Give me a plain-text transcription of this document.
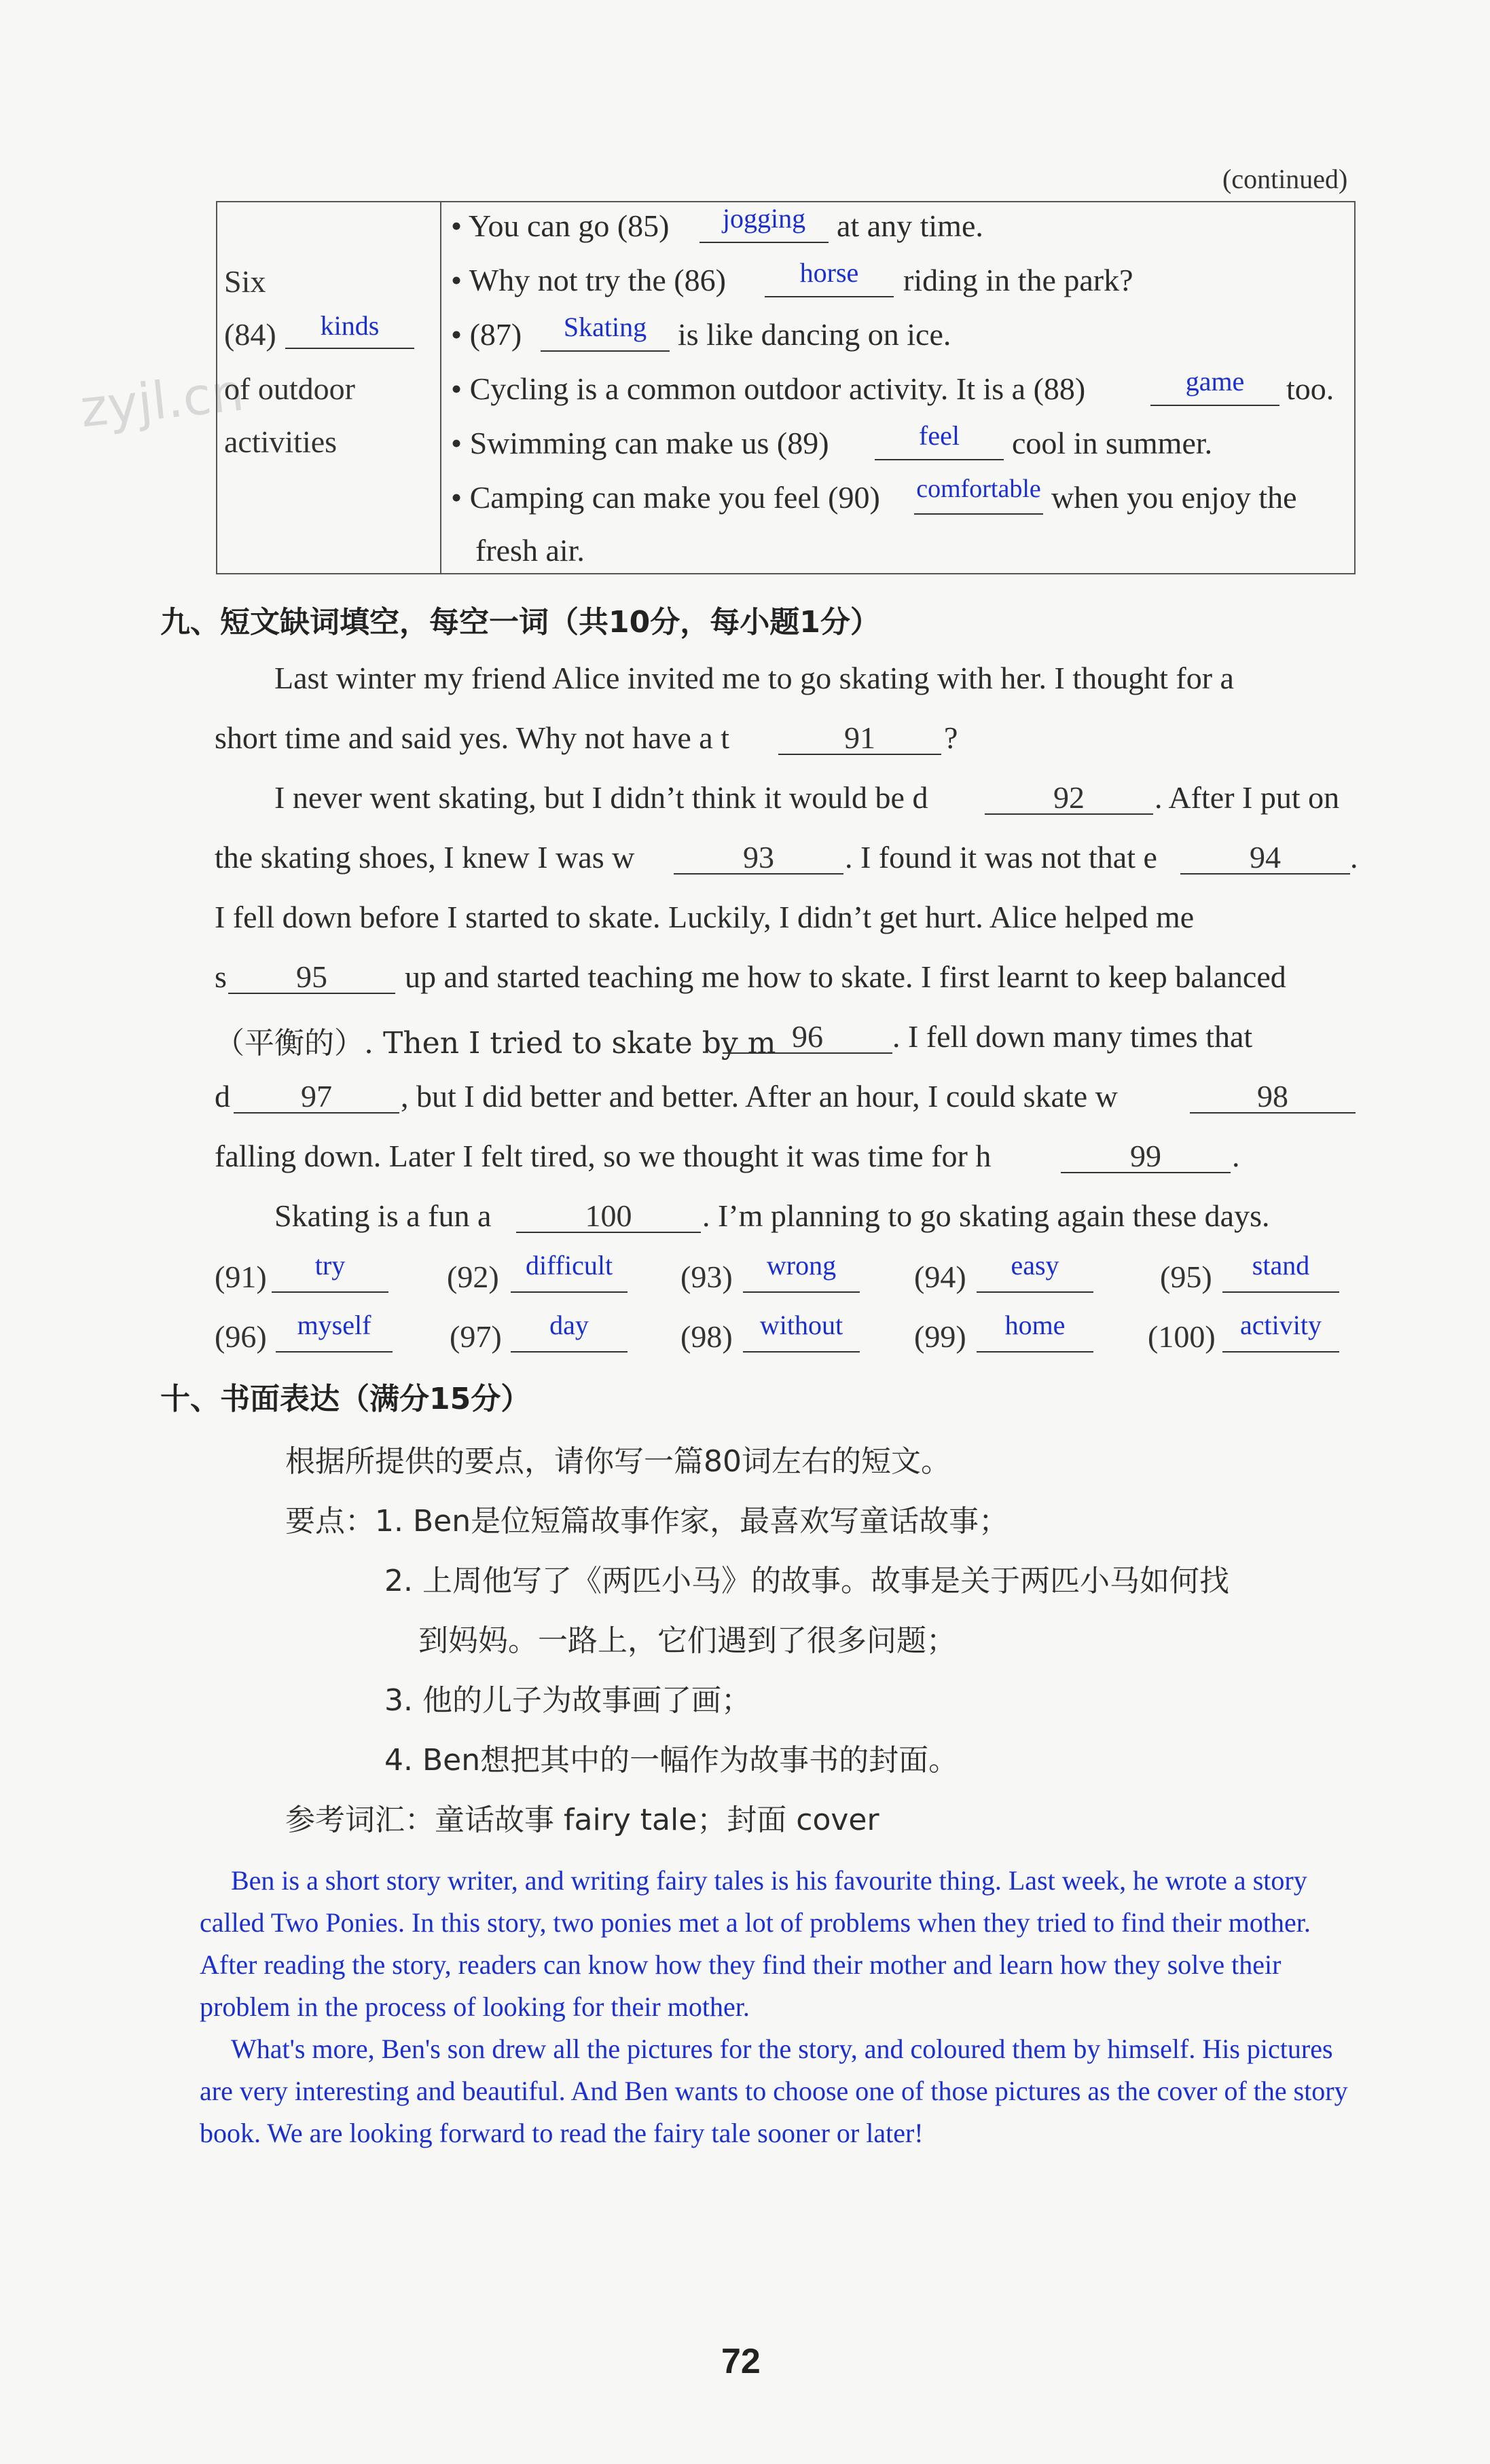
zyjl.cn
(continued)
Six
(84)	kinds
of outdoor
activities
• You can go (85)	jogging at any time.
• Why not try the (86)	horse	riding in the park?
• (87)	Skating is like dancing on ice.
• Cycling is a common outdoor activity. It is a (88)	game	too.
• Swimming can make us (89)	feel	cool in summer.
• Camping can make you feel (90) comfortable when you enjoy the
fresh air.
九、短文缺词填空，每空一词（共10分，每小题1分）
Last winter my friend Alice invited me to go skating with her. I thought for a
short time and said yes. Why not have a t	91	?
I never went skating, but I didn’t think it would be d	92	. After I put on
the skating shoes, I knew I was w	93	. I found it was not that e	94	.
I fell down before I started to skate. Luckily, I didn’t get hurt. Alice helped me
s	95	up and started teaching me how to skate. I first learnt to keep balanced
（平衡的）. Then I tried to skate by m 96	. I fell down many times that
d	97	, but I did better and better. After an hour, I could skate w	98
falling down. Later I felt tired, so we thought it was time for h	99	.
Skating is a fun a	100	. I’m planning to go skating again these days.
(91)	try	(92) difficult	(93)	wrong	(94)	easy	(95)	stand
(96)	myself	(97)	day	(98)	without	(99)	home	(100) activity
十、书面表达（满分15分）
根据所提供的要点，请你写一篇80词左右的短文。
要点：1. Ben是位短篇故事作家，最喜欢写童话故事；
2. 上周他写了《两匹小马》的故事。故事是关于两匹小马如何找
到妈妈。一路上，它们遇到了很多问题；
3. 他的儿子为故事画了画；
4. Ben想把其中的一幅作为故事书的封面。
参考词汇：童话故事 fairy tale；封面 cover
Ben is a short story writer, and writing fairy tales is his favourite thing. Last week, he wrote a story
called Two Ponies. In this story, two ponies met a lot of problems when they tried to find their mother.
After reading the story, readers can know how they find their mother and learn how they solve their
problem in the process of looking for their mother.
What's more, Ben's son drew all the pictures for the story, and coloured them by himself. His pictures
are very interesting and beautiful. And Ben wants to choose one of those pictures as the cover of the story
book. We are looking forward to read the fairy tale sooner or later!
72
